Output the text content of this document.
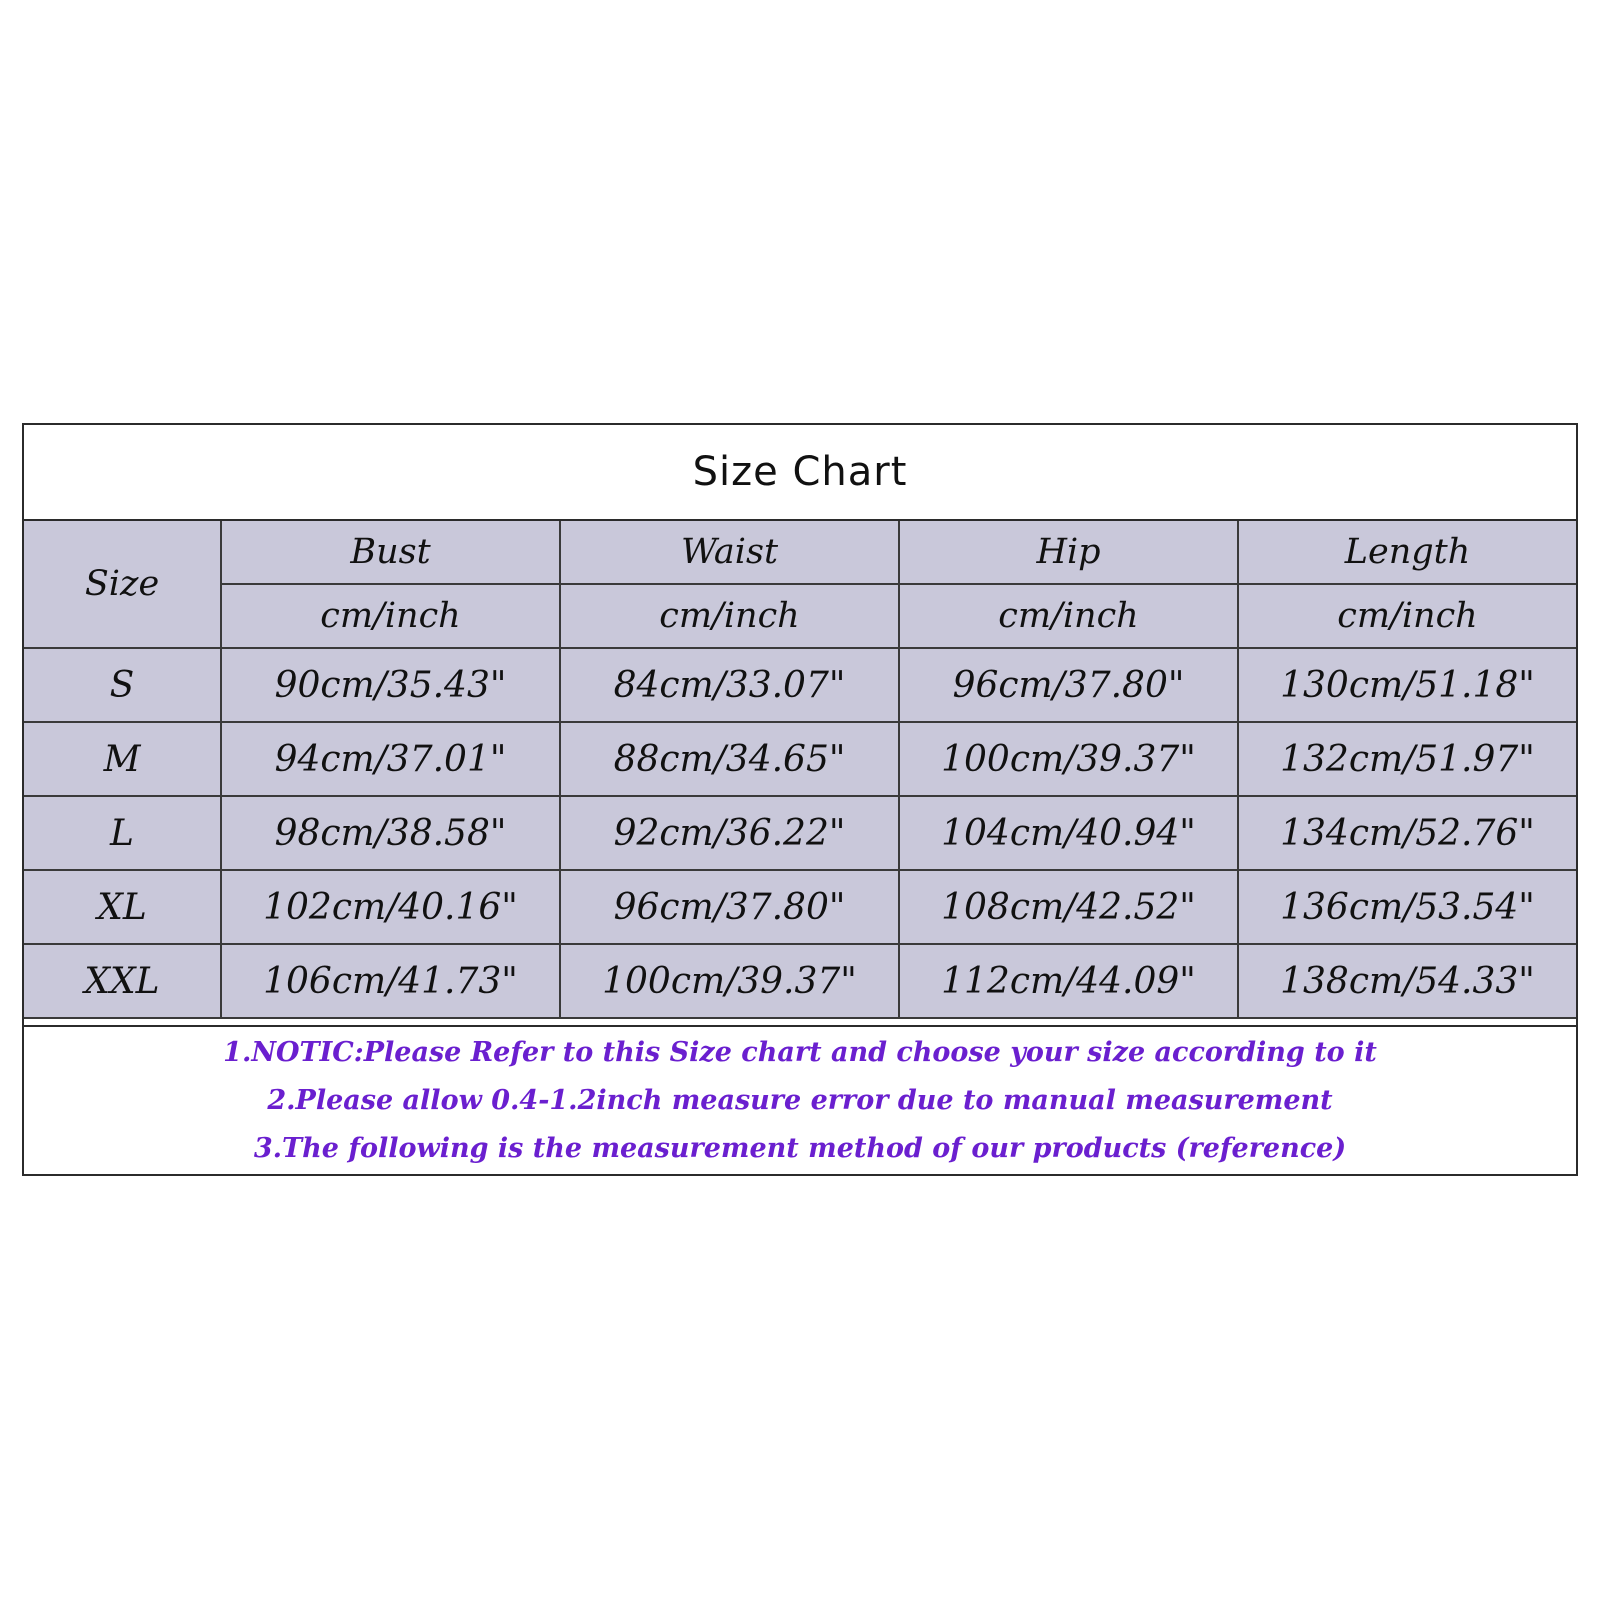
Size Chart
Size	Bust	Waist	Hip	Length
	cm/inch	cm/inch	cm/inch	cm/inch
S	90cm/35.43"	84cm/33.07"	96cm/37.80"	130cm/51.18"
M	94cm/37.01"	88cm/34.65"	100cm/39.37"	132cm/51.97"
L	98cm/38.58"	92cm/36.22"	104cm/40.94"	134cm/52.76"
XL	102cm/40.16"	96cm/37.80"	108cm/42.52"	136cm/53.54"
XXL	106cm/41.73"	100cm/39.37"	112cm/44.09"	138cm/54.33"
1.NOTIC:Please Refer to this Size chart and choose your size according to it
2.Please allow 0.4-1.2inch measure error due to manual measurement
3.The following is the measurement method of our products (reference)
